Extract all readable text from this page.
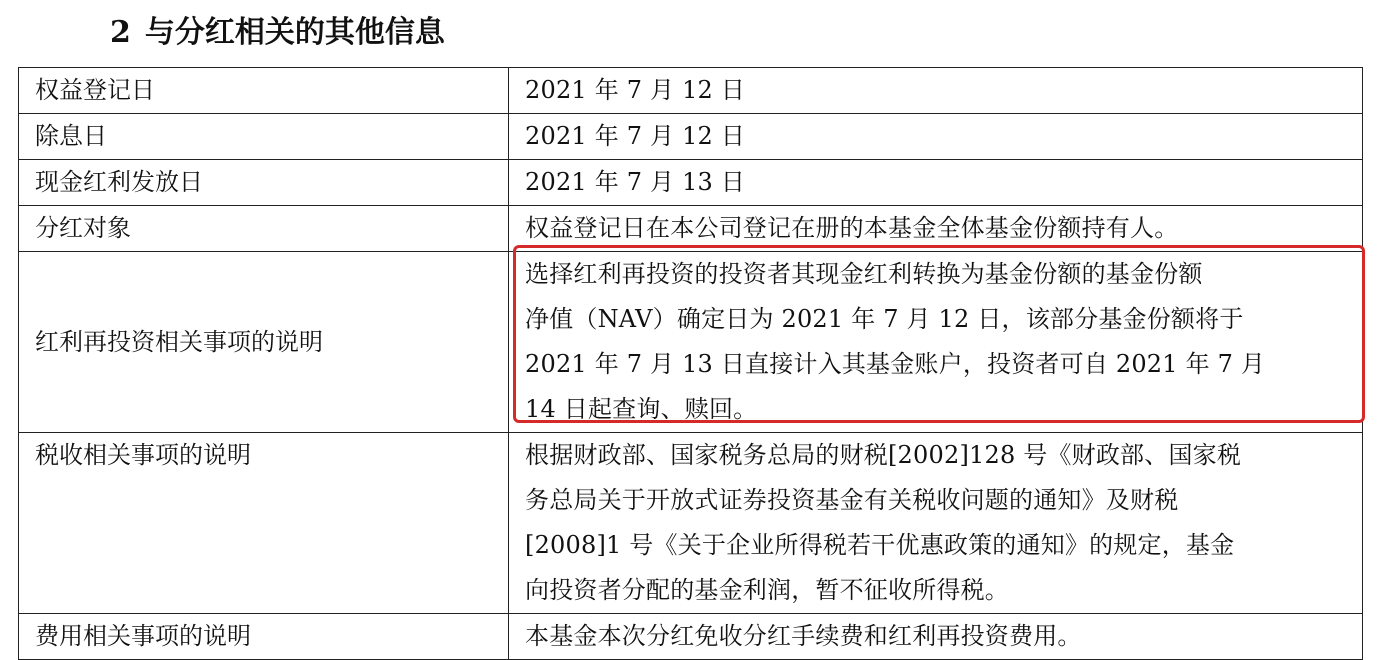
2 与分红相关的其他信息
权益登记日	2021 年 7 月 12 日
除息日	2021 年 7 月 12 日
现金红利发放日	2021 年 7 月 13 日
分红对象	权益登记日在本公司登记在册的本基金全体基金份额持有人。
红利再投资相关事项的说明	选择红利再投资的投资者其现金红利转换为基金份额的基金份额
净值（NAV）确定日为 2021 年 7 月 12 日，该部分基金份额将于
2021 年 7 月 13 日直接计入其基金账户，投资者可自 2021 年 7 月
14 日起查询、赎回。

税收相关事项的说明	根据财政部、国家税务总局的财税[2002]128 号《财政部、国家税
务总局关于开放式证券投资基金有关税收问题的通知》及财税
[2008]1 号《关于企业所得税若干优惠政策的通知》的规定，基金
向投资者分配的基金利润，暂不征收所得税。

费用相关事项的说明	本基金本次分红免收分红手续费和红利再投资费用。
